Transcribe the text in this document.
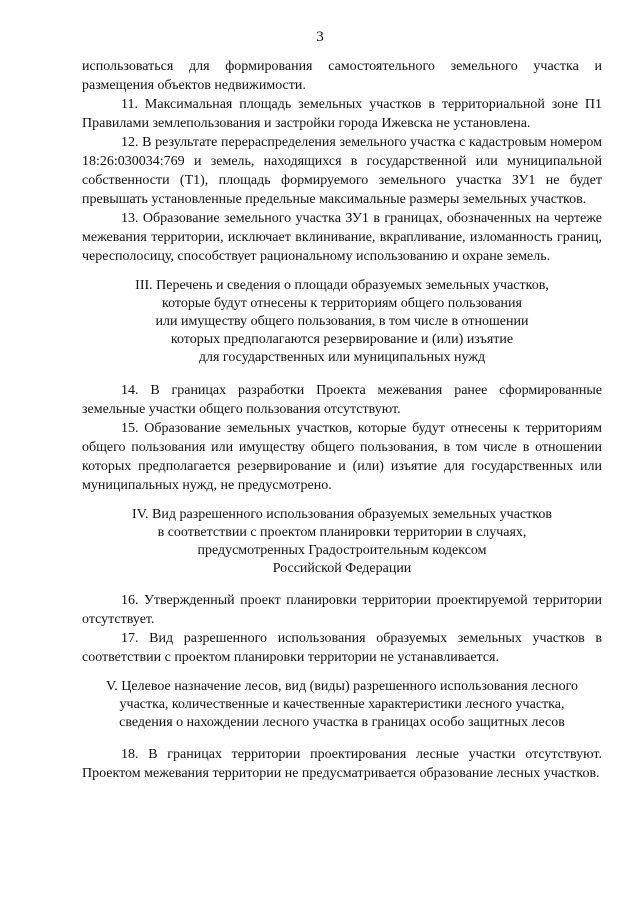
3

использоваться для формирования самостоятельного земельного участка и размещения объектов недвижимости.

11. Максимальная площадь земельных участков в территориальной зоне П1 Правилами землепользования и застройки города Ижевска не установлена.

12. В результате перераспределения земельного участка с кадастровым номером 18:26:030034:769 и земель, находящихся в государственной или муниципальной собственности (Т1), площадь формируемого земельного участка ЗУ1 не будет превышать установленные предельные максимальные размеры земельных участков.

13. Образование земельного участка ЗУ1 в границах, обозначенных на чертеже межевания территории, исключает вклинивание, вкрапливание, изломанность границ, чересполосицу, способствует рациональному использованию и охране земель.

III. Перечень и сведения о площади образуемых земельных участков,

которые будут отнесены к территориям общего пользования

или имуществу общего пользования, в том числе в отношении

которых предполагаются резервирование и (или) изъятие

для государственных или муниципальных нужд

14. В границах разработки Проекта межевания ранее сформированные земельные участки общего пользования отсутствуют.

15. Образование земельных участков, которые будут отнесены к территориям общего пользования или имуществу общего пользования, в том числе в отношении которых предполагается резервирование и (или) изъятие для государственных или муниципальных нужд, не предусмотрено.

IV. Вид разрешенного использования образуемых земельных участков

в соответствии с проектом планировки территории в случаях,

предусмотренных Градостроительным кодексом

Российской Федерации

16. Утвержденный проект планировки территории проектируемой территории отсутствует.

17. Вид разрешенного использования образуемых земельных участков в соответствии с проектом планировки территории не устанавливается.

V. Целевое назначение лесов, вид (виды) разрешенного использования лесного

участка, количественные и качественные характеристики лесного участка,

сведения о нахождении лесного участка в границах особо защитных лесов

18. В границах территории проектирования лесные участки отсутствуют. Проектом межевания территории не предусматривается образование лесных участков.
